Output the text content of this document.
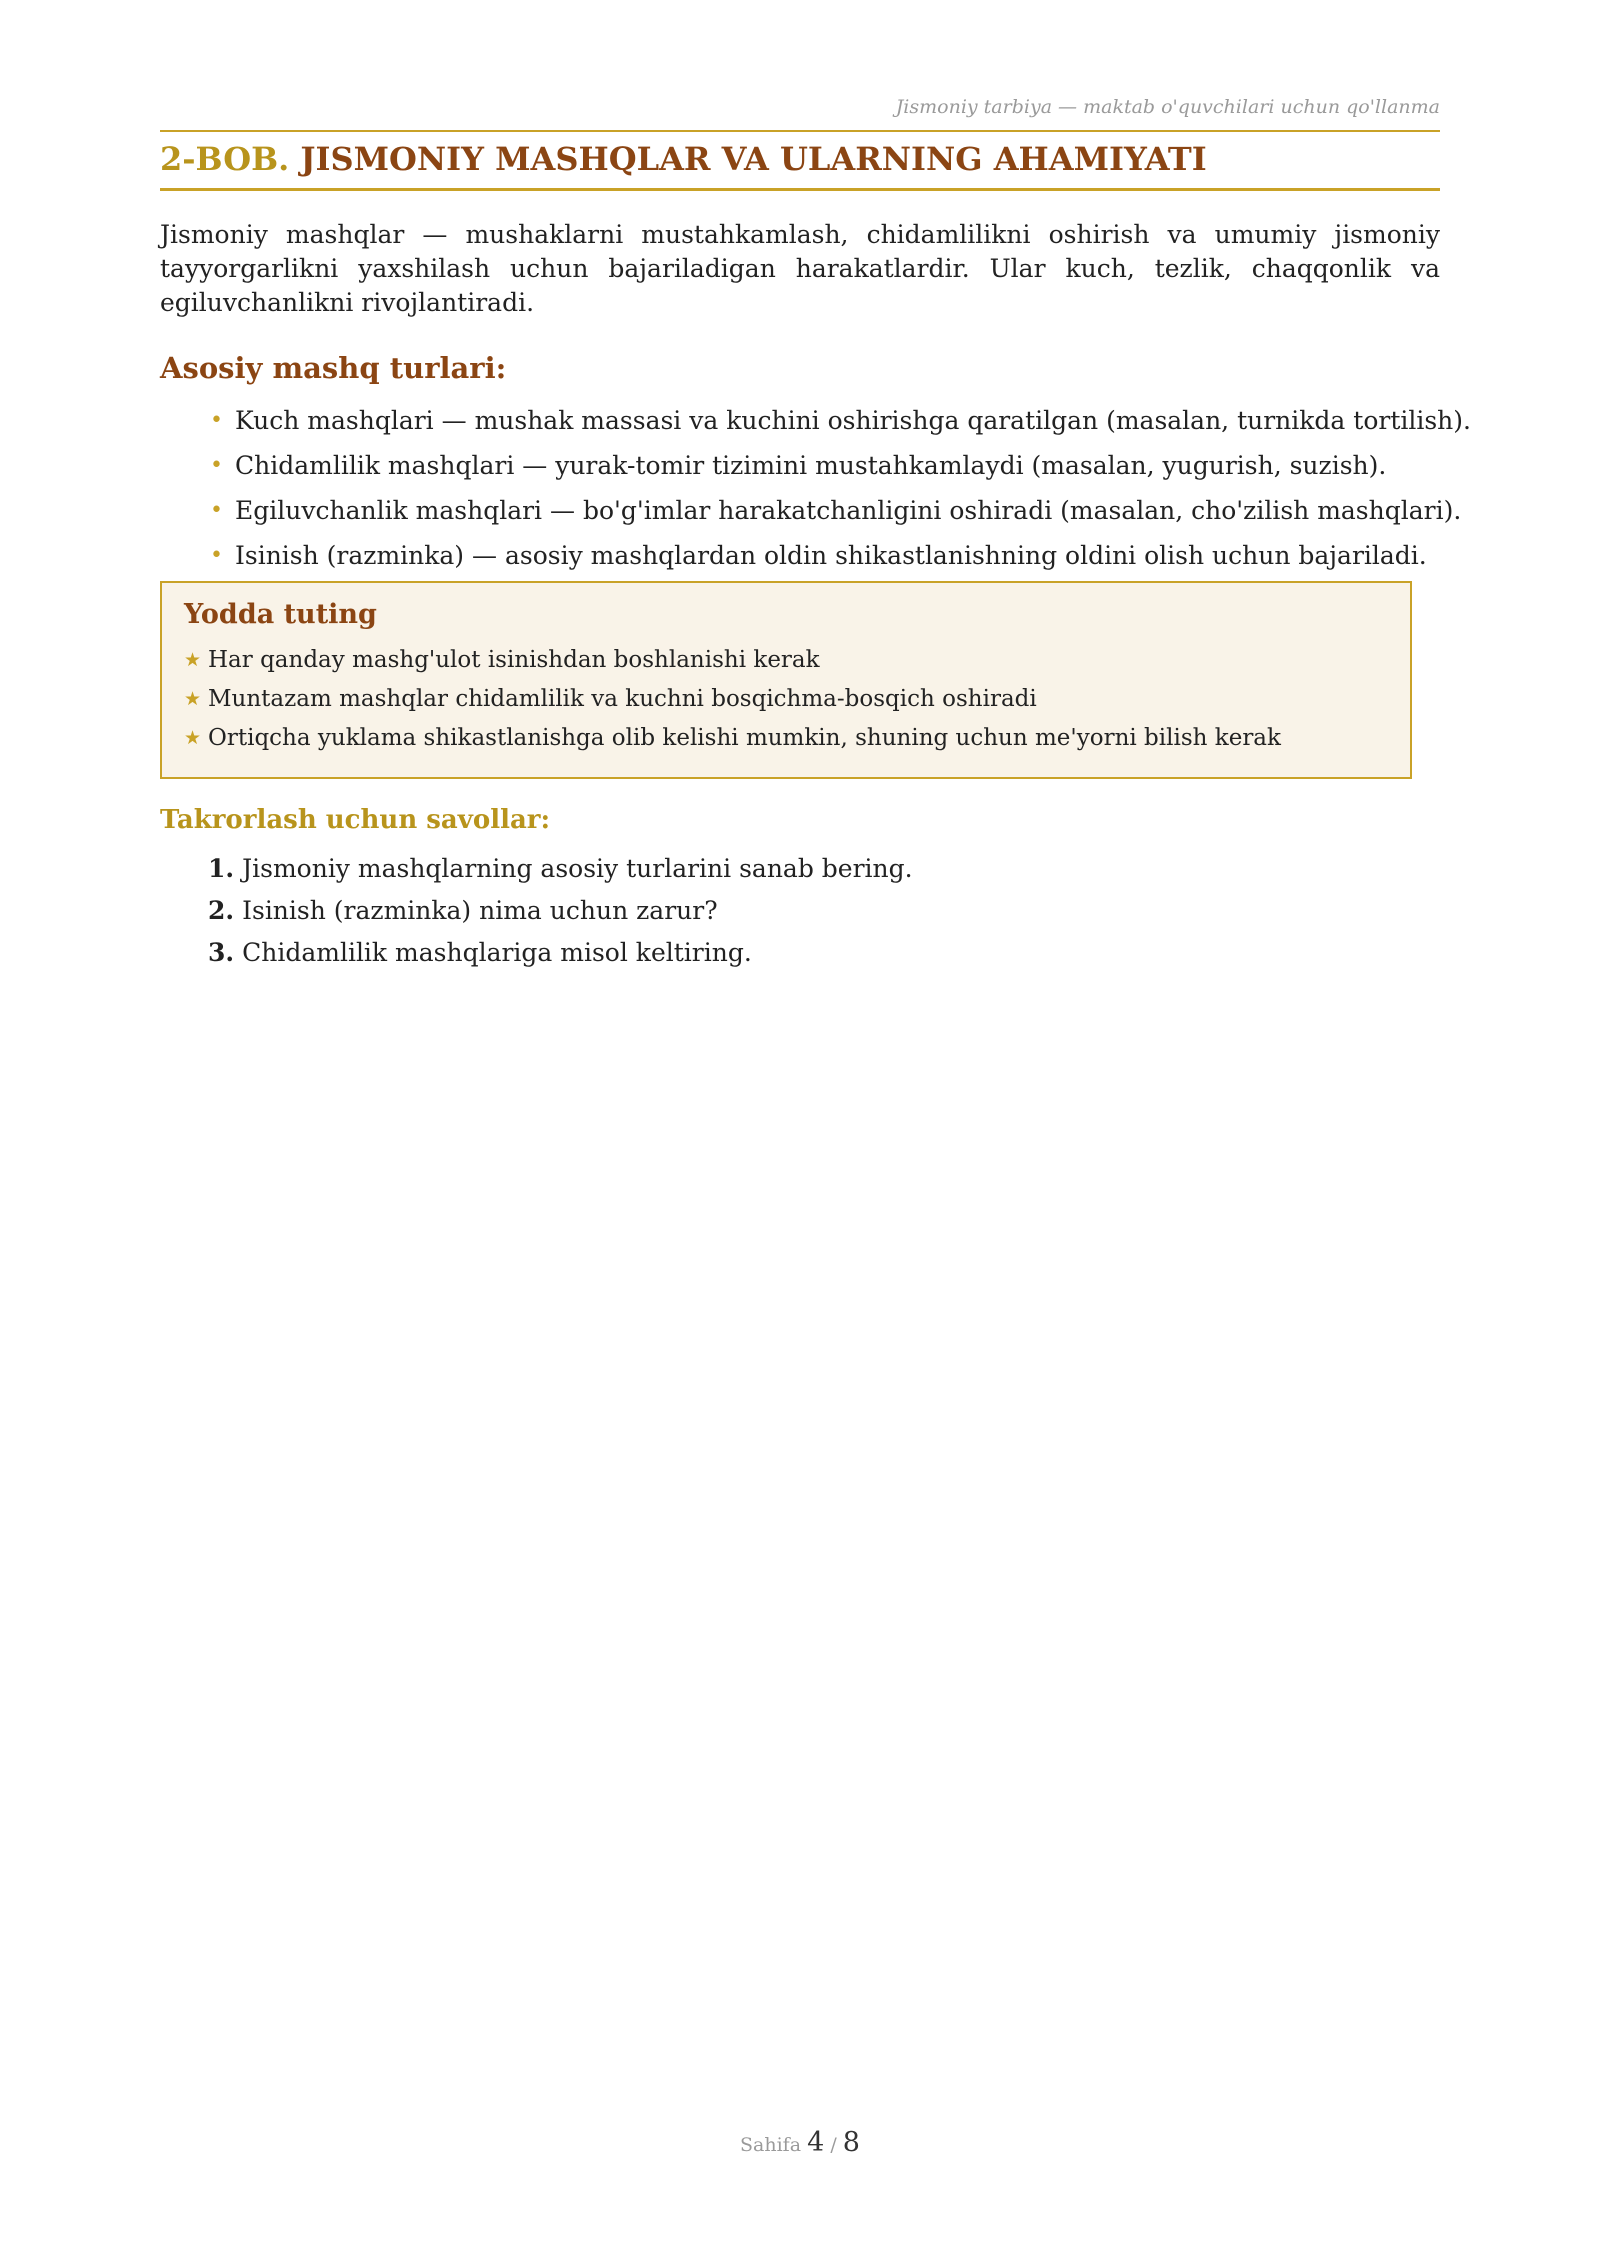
Jismoniy tarbiya — maktab o'quvchilari uchun qo'llanma
2-BOB. JISMONIY MASHQLAR VA ULARNING AHAMIYATI

Jismoniy mashqlar — mushaklarni mustahkamlash, chidamlilikni oshirish va umumiy jismoniy tayyorgarlikni yaxshilash uchun bajariladigan harakatlardir. Ular kuch, tezlik, chaqqonlik va egiluvchanlikni rivojlantiradi.

Asosiy mashq turlari:
• Kuch mashqlari — mushak massasi va kuchini oshirishga qaratilgan (masalan, turnikda tortilish).
• Chidamlilik mashqlari — yurak-tomir tizimini mustahkamlaydi (masalan, yugurish, suzish).
• Egiluvchanlik mashqlari — bo'g'imlar harakatchanligini oshiradi (masalan, cho'zilish mashqlari).
• Isinish (razminka) — asosiy mashqlardan oldin shikastlanishning oldini olish uchun bajariladi.
Yodda tuting
★ Har qanday mashg'ulot isinishdan boshlanishi kerak
★ Muntazam mashqlar chidamlilik va kuchni bosqichma-bosqich oshiradi
★ Ortiqcha yuklama shikastlanishga olib kelishi mumkin, shuning uchun me'yorni bilish kerak
Takrorlash uchun savollar:
1. Jismoniy mashqlarning asosiy turlarini sanab bering.
2. Isinish (razminka) nima uchun zarur?
3. Chidamlilik mashqlariga misol keltiring.
Sahifa 4 / 8
